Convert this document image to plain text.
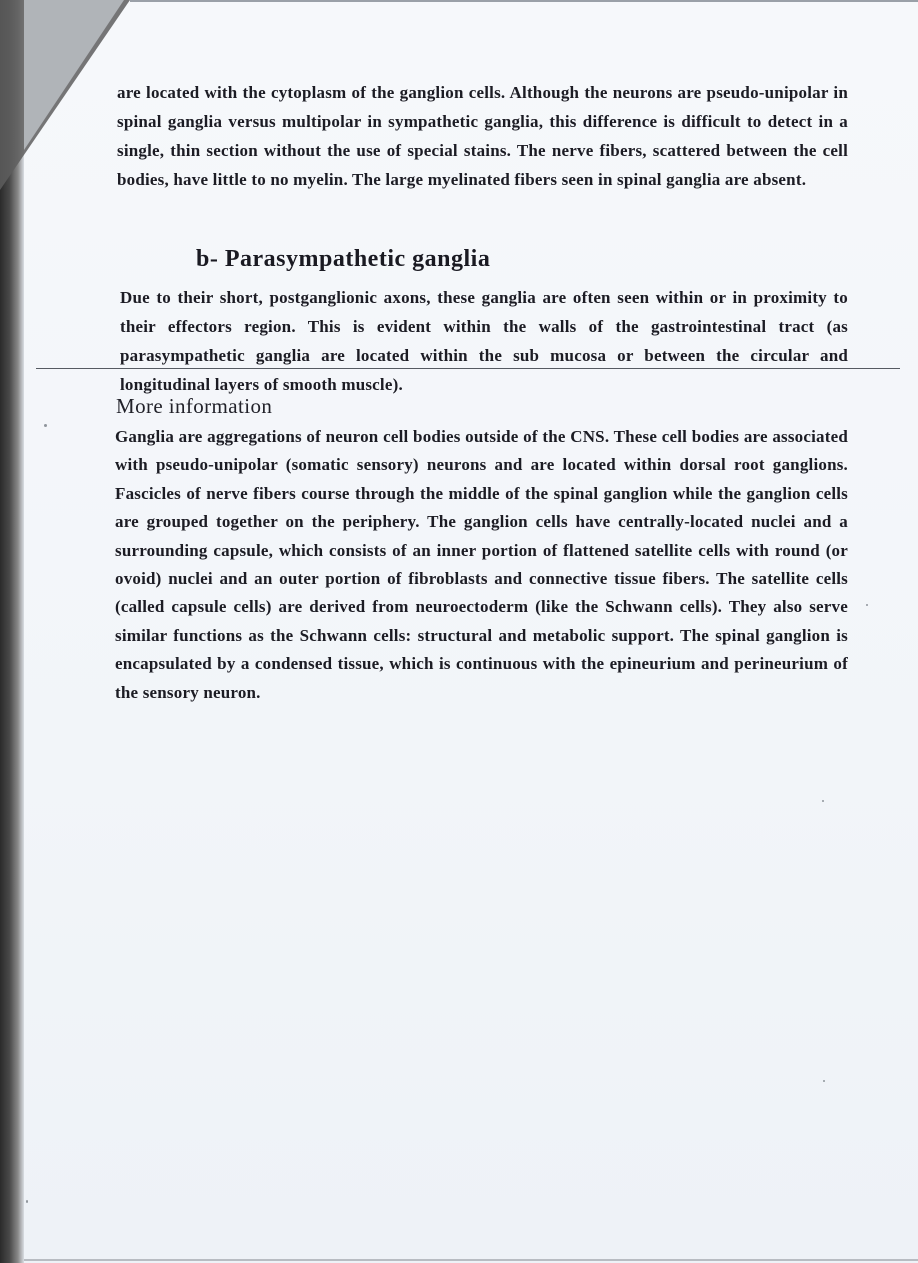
are located with the cytoplasm of the ganglion cells. Although the neurons are pseudo-unipolar in spinal ganglia versus multipolar in sympathetic ganglia, this difference is difficult to detect in a single, thin section without the use of special stains. The nerve fibers, scattered between the cell bodies, have little to no myelin. The large myelinated fibers seen in spinal ganglia are absent.

b- Parasympathetic ganglia

Due to their short, postganglionic axons, these ganglia are often seen within or in proximity to their effectors region. This is evident within the walls of the gastrointestinal tract (as parasympathetic ganglia are located within the sub mucosa or between the circular and longitudinal layers of smooth muscle).

More information

Ganglia are aggregations of neuron cell bodies outside of the CNS. These cell bodies are associated with pseudo-unipolar (somatic sensory) neurons and are located within dorsal root ganglions. Fascicles of nerve fibers course through the middle of the spinal ganglion while the ganglion cells are grouped together on the periphery. The ganglion cells have centrally-located nuclei and a surrounding capsule, which consists of an inner portion of flattened satellite cells with round (or ovoid) nuclei and an outer portion of fibroblasts and connective tissue fibers. The satellite cells (called capsule cells) are derived from neuroectoderm (like the Schwann cells). They also serve similar functions as the Schwann cells: structural and metabolic support. The spinal ganglion is encapsulated by a condensed tissue, which is continuous with the epineurium and perineurium of the sensory neuron.
